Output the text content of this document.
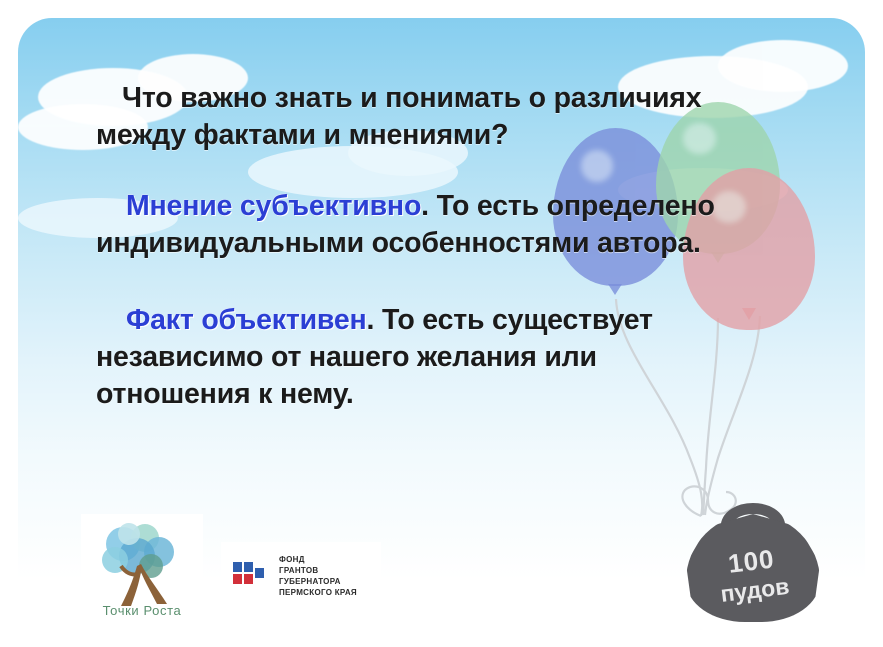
Что важно знать и понимать о различиях
между фактами и мнениями?
Мнение субъективно. То есть определено
индивидуальными особенностями автора.
Факт объективен. То есть существует
независимо от нашего желания или
отношения к нему.
Точки Роста
ФОНД
ГРАНТОВ
ГУБЕРНАТОРА
ПЕРМСКОГО КРАЯ
100
пудов
